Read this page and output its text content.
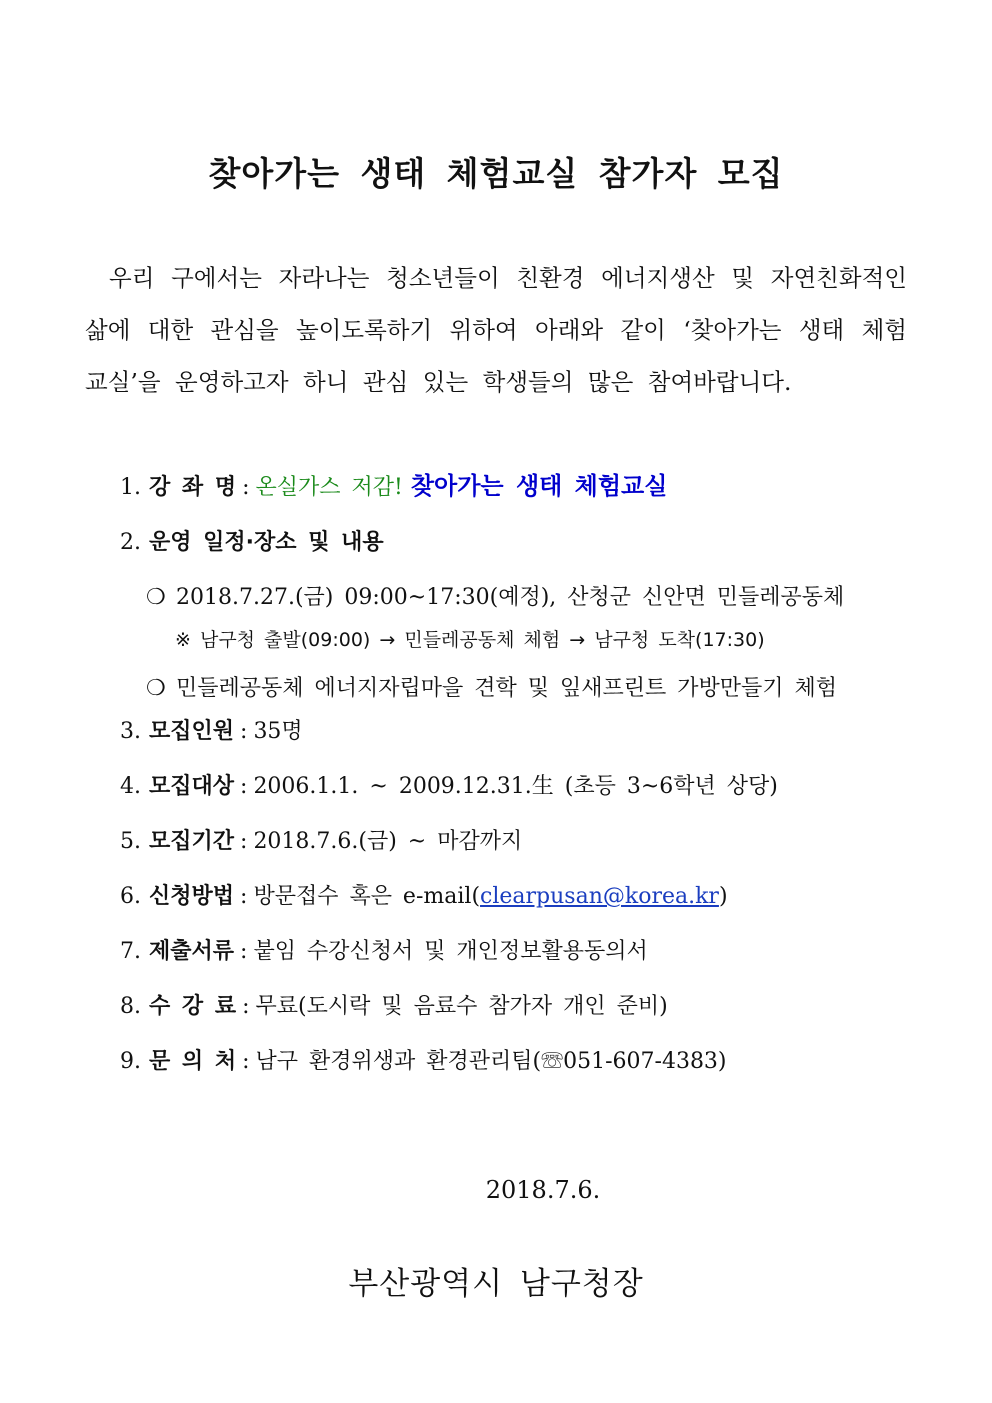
찾아가는 생태 체험교실 참가자 모집
우리 구에서는 자라나는 청소년들이 친환경 에너지생산 및 자연친화적인
삶에 대한 관심을 높이도록하기 위하여 아래와 같이 ‘찾아가는 생태 체험
교실’을 운영하고자 하니 관심 있는 학생들의 많은 참여바랍니다.
1. 강 좌 명 : 온실가스 저감! 찾아가는 생태 체험교실
2. 운영 일정·장소 및 내용
❍ 2018.7.27.(금) 09:00~17:30(예정), 산청군 신안면 민들레공동체
※ 남구청 출발(09:00) → 민들레공동체 체험 → 남구청 도착(17:30)
❍ 민들레공동체 에너지자립마을 견학 및 잎새프린트 가방만들기 체험
3. 모집인원 : 35명
4. 모집대상 : 2006.1.1. ~ 2009.12.31.生 (초등 3~6학년 상당)
5. 모집기간 : 2018.7.6.(금) ~ 마감까지
6. 신청방법 : 방문접수 혹은 e-mail(clearpusan@korea.kr)
7. 제출서류 : 붙임 수강신청서 및 개인정보활용동의서
8. 수 강 료 : 무료(도시락 및 음료수 참가자 개인 준비)
9. 문 의 처 : 남구 환경위생과 환경관리팀(☏051-607-4383)
2018.7.6.
부산광역시 남구청장
